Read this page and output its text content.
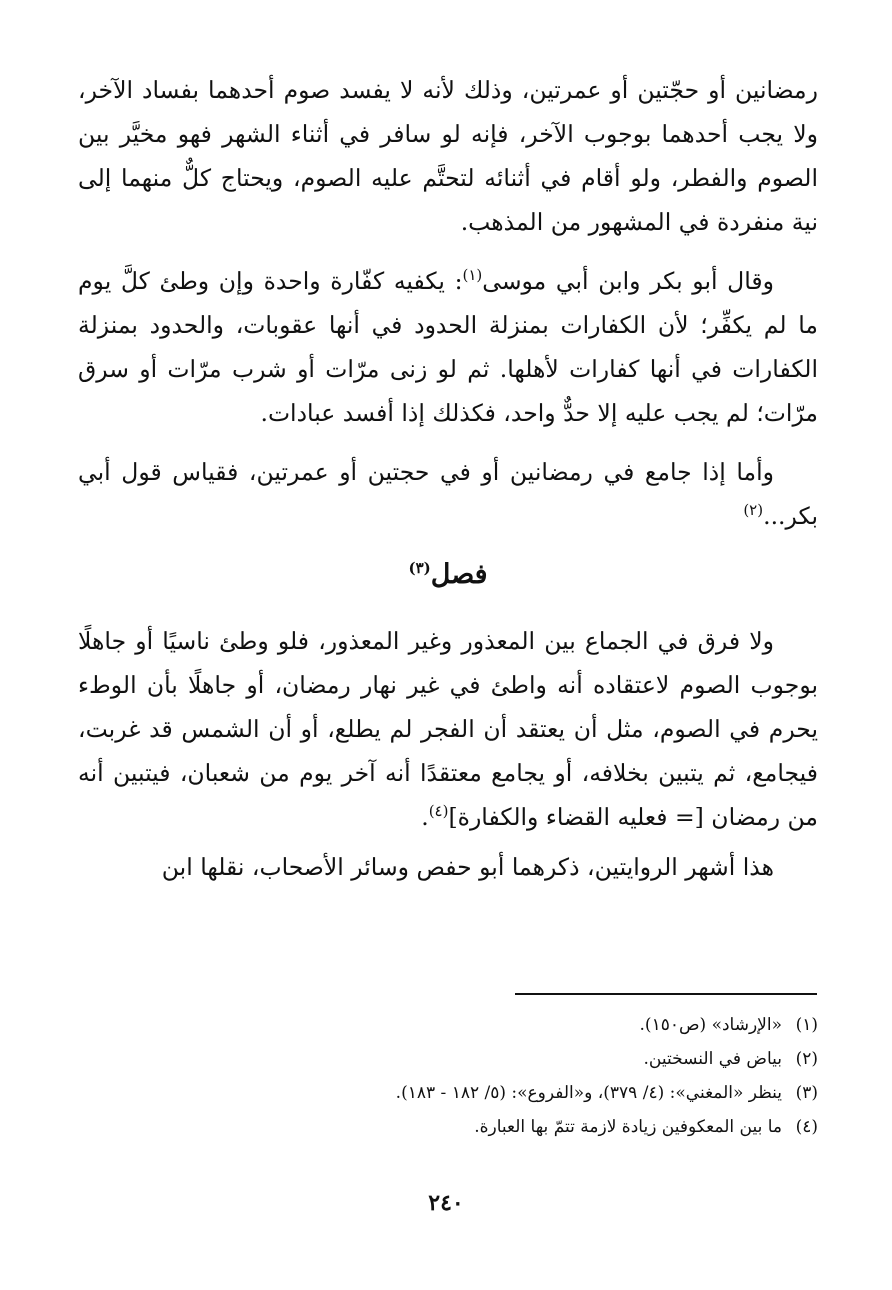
رمضانين أو حجّتين أو عمرتين، وذلك لأنه لا يفسد صوم أحدهما بفساد الآخر، ولا يجب أحدهما بوجوب الآخر، فإنه لو سافر في أثناء الشهر فهو مخيَّر بين الصوم والفطر، ولو أقام في أثنائه لتحتَّم عليه الصوم، ويحتاج كلٌّ منهما إلى نية منفردة في المشهور من المذهب.

وقال أبو بكر وابن أبي موسى$^{(١)}$: يكفيه كفّارة واحدة وإن وطئ كلَّ يوم ما لم يكفِّر؛ لأن الكفارات بمنزلة الحدود في أنها عقوبات، والحدود بمنزلة الكفارات في أنها كفارات لأهلها. ثم لو زنى مرّات أو شرب مرّات أو سرق مرّات؛ لم يجب عليه إلا حدٌّ واحد، فكذلك إذا أفسد عبادات.

وأما إذا جامع في رمضانين أو في حجتين أو عمرتين، فقياس قول أبي بكر...$^{(٢)}$

فصل$^{(٣)}$

ولا فرق في الجماع بين المعذور وغير المعذور، فلو وطئ ناسيًا أو جاهلًا بوجوب الصوم لاعتقاده أنه واطئ في غير نهار رمضان، أو جاهلًا بأن الوطء يحرم في الصوم، مثل أن يعتقد أن الفجر لم يطلع، أو أن الشمس قد غربت، فيجامع، ثم يتبين بخلافه، أو يجامع معتقدًا أنه آخر يوم من شعبان، فيتبين أنه من رمضان [= فعليه القضاء والكفارة]$^{(٤)}$.

هذا أشهر الروايتين، ذكرهما أبو حفص وسائر الأصحاب، نقلها ابن

(١)«الإرشاد» (ص١٥٠).
(٢)بياض في النسختين.
(٣)ينظر «المغني»: (٤/ ٣٧٩)، و«الفروع»: (٥/ ١٨٢ - ١٨٣).
(٤)ما بين المعكوفين زيادة لازمة تتمّ بها العبارة.
٢٤٠
